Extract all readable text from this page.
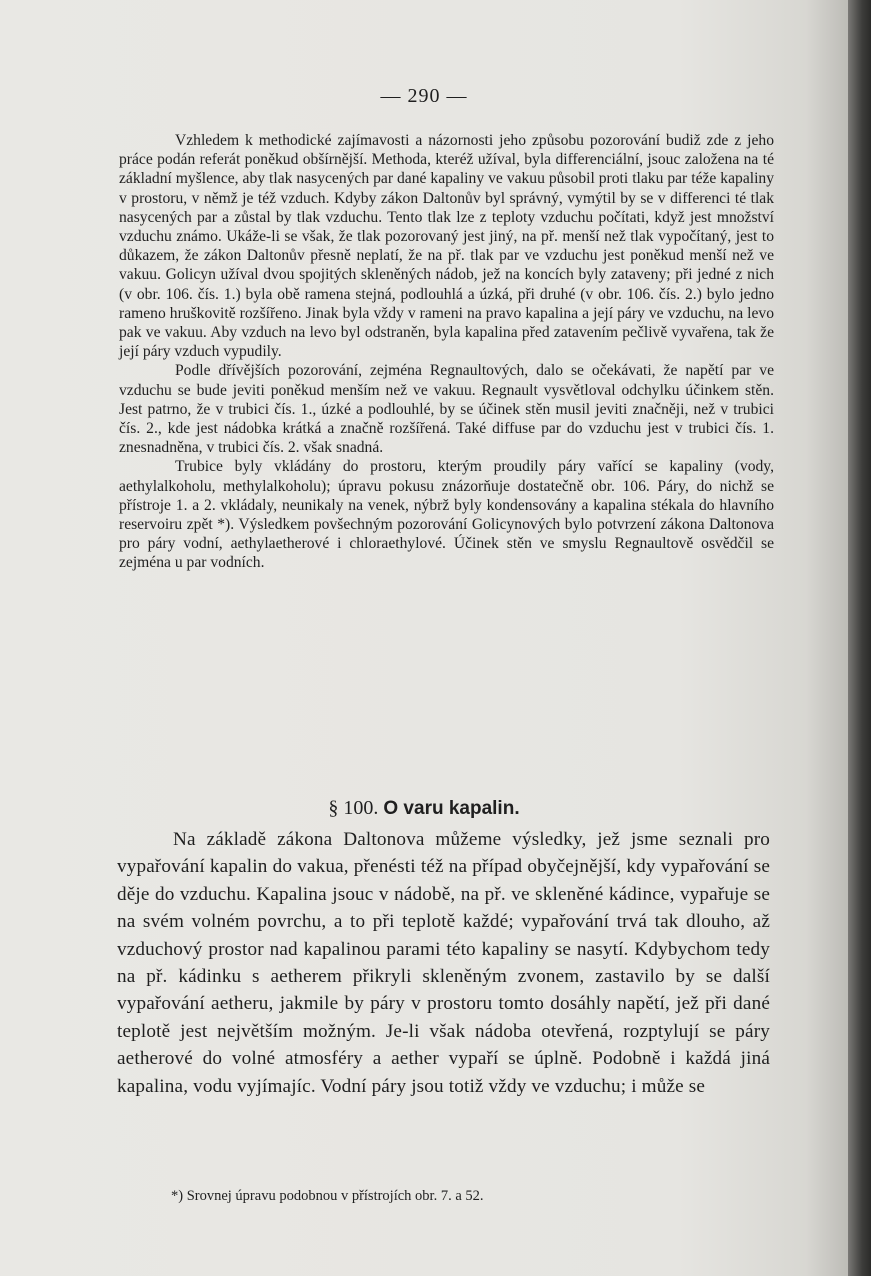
— 290 —

Vzhledem k methodické zajímavosti a názornosti jeho způsobu pozorování budiž zde z jeho práce podán referát poněkud obšírnější. Methoda, kteréž užíval, byla differenciální, jsouc založena na té základní myšlence, aby tlak nasycených par dané kapaliny ve vakuu působil proti tlaku par téže kapaliny v prostoru, v němž je též vzduch. Kdyby zákon Daltonův byl správný, vymýtil by se v differenci té tlak nasycených par a zůstal by tlak vzduchu. Tento tlak lze z teploty vzduchu počítati, když jest množství vzduchu známo. Ukáže-li se však, že tlak pozorovaný jest jiný, na př. menší než tlak vypočítaný, jest to důkazem, že zákon Daltonův přesně neplatí, že na př. tlak par ve vzduchu jest poněkud menší než ve vakuu. Golicyn užíval dvou spojitých skleněných nádob, jež na koncích byly zataveny; při jedné z nich (v obr. 106. čís. 1.) byla obě ramena stejná, podlouhlá a úzká, při druhé (v obr. 106. čís. 2.) bylo jedno rameno hruškovitě rozšířeno. Jinak byla vždy v rameni na pravo kapalina a její páry ve vzduchu, na levo pak ve vakuu. Aby vzduch na levo byl odstraněn, byla kapalina před zatavením pečlivě vyvařena, tak že její páry vzduch vypudily.

Podle dřívějších pozorování, zejména Regnaultových, dalo se očekávati, že napětí par ve vzduchu se bude jeviti poněkud menším než ve vakuu. Regnault vysvětloval odchylku účinkem stěn. Jest patrno, že v trubici čís. 1., úzké a podlouhlé, by se účinek stěn musil jeviti značněji, než v trubici čís. 2., kde jest nádobka krátká a značně rozšířená. Také diffuse par do vzduchu jest v trubici čís. 1. znesnadněna, v trubici čís. 2. však snadná.

Trubice byly vkládány do prostoru, kterým proudily páry vařící se kapaliny (vody, aethylalkoholu, methylalkoholu); úpravu pokusu znázorňuje dostatečně obr. 106. Páry, do nichž se přístroje 1. a 2. vkládaly, neunikaly na venek, nýbrž byly kondensovány a kapalina stékala do hlavního reservoiru zpět *). Výsledkem povšechným pozorování Golicynových bylo potvrzení zákona Daltonova pro páry vodní, aethylaetherové i chloraethylové. Účinek stěn ve smyslu Regnaultově osvědčil se zejména u par vodních.

§ 100. O varu kapalin.

Na základě zákona Daltonova můžeme výsledky, jež jsme seznali pro vypařování kapalin do vakua, přenésti též na případ obyčejnější, kdy vypařování se děje do vzduchu. Kapalina jsouc v nádobě, na př. ve skleněné kádince, vypařuje se na svém volném povrchu, a to při teplotě každé; vypařování trvá tak dlouho, až vzduchový prostor nad kapalinou parami této kapaliny se nasytí. Kdybychom tedy na př. kádinku s aetherem přikryli skleněným zvonem, zastavilo by se další vypařování aetheru, jakmile by páry v prostoru tomto dosáhly napětí, jež při dané teplotě jest největším možným. Je-li však nádoba otevřená, rozptylují se páry aetherové do volné atmosféry a aether vypaří se úplně. Podobně i každá jiná kapalina, vodu vyjímajíc. Vodní páry jsou totiž vždy ve vzduchu; i může se

*) Srovnej úpravu podobnou v přístrojích obr. 7. a 52.
